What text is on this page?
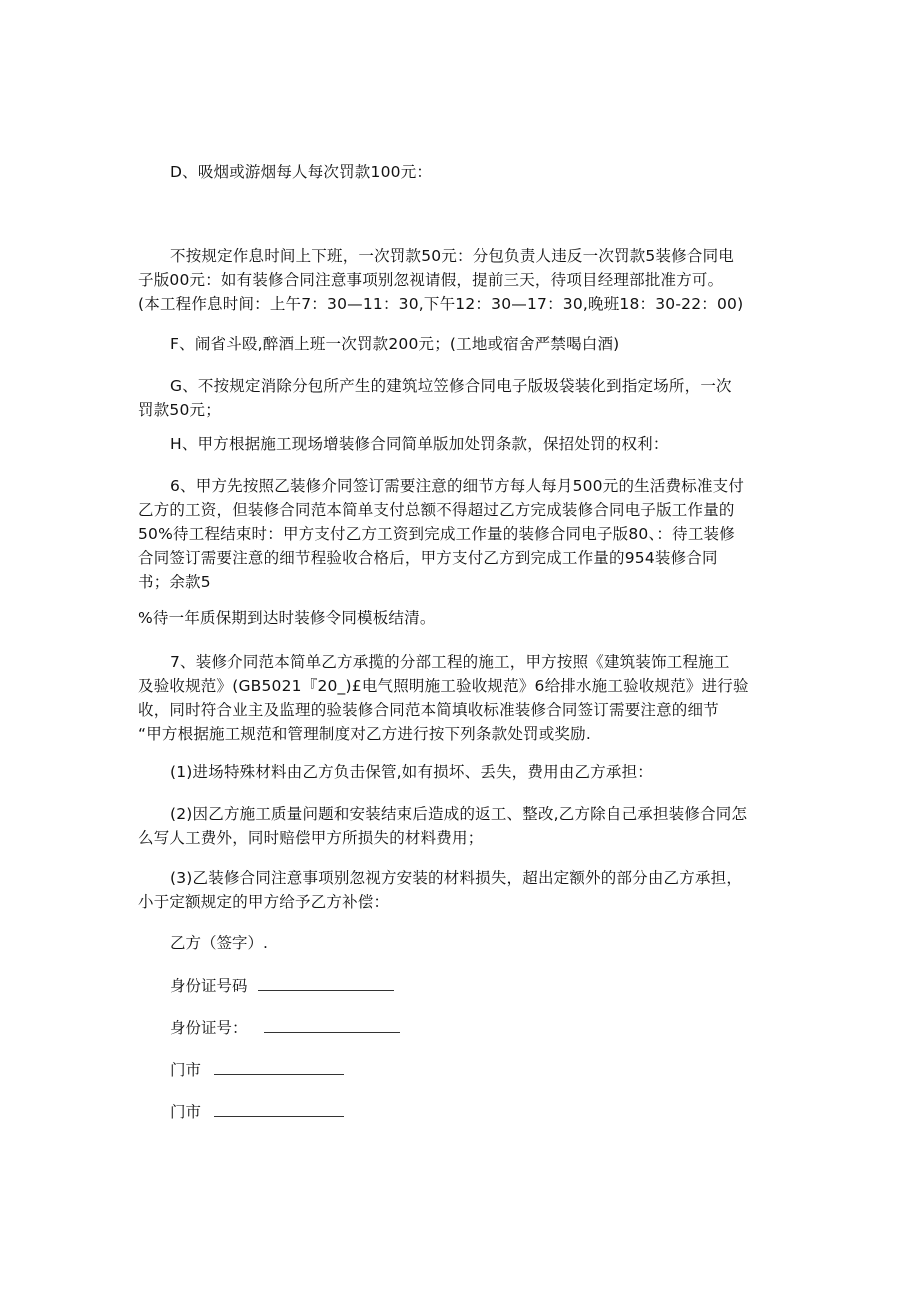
D、吸烟或游烟每人每次罚款100元：

不按规定作息时间上下班，一次罚款50元：分包负责人违反一次罚款5装修合同电
子版00元：如有装修合同注意事项别忽视请假，提前三天，待项目经理部批准方可。
(本工程作息时间：上午7：30—11：30,下午12：30—17：30,晚班18：30-22：00)

F、闹省斗殴,醉酒上班一次罚款200元；(工地或宿舍严禁喝白酒)

G、不按规定消除分包所产生的建筑垃笠修合同电子版圾袋装化到指定场所，一次
罚款50元；

H、甲方根据施工现场增装修合同简单版加处罚条款，保招处罚的权利：

6、甲方先按照乙装修介同签订需要注意的细节方每人每月500元的生活费标准支付
乙方的工资，但装修合同范本简单支付总额不得超过乙方完成装修合同电子版工作量的
50%待工程结束时：甲方支付乙方工资到完成工作量的装修合同电子版80、：待工装修
合同签订需要注意的细节程验收合格后，甲方支付乙方到完成工作量的954装修合同
书；余款5

%待一年质保期到达时装修令同模板结清。

7、装修介同范本简单乙方承揽的分部工程的施工，甲方按照《建筑装饰工程施工
及验收规范》(GB5021『20_)£电气照明施工验收规范》6给排水施工验收规范》进行验
收，同时符合业主及监理的验装修合同范本简填收标准装修合同签订需要注意的细节
“甲方根据施工规范和管理制度对乙方进行按下列条款处罚或奖励.

(1)进场特殊材料由乙方负击保管,如有损坏、丢失，费用由乙方承担：

(2)因乙方施工质量问题和安装结束后造成的返工、整改,乙方除自己承担装修合同怎
么写人工费外，同时赔偿甲方所损失的材料费用；

(3)乙装修合同注意事项别忽视方安装的材料损失，超出定额外的部分由乙方承担，
小于定额规定的甲方给予乙方补偿：

乙方（签字）.
身份证号码
身份证号：
门市
门市
